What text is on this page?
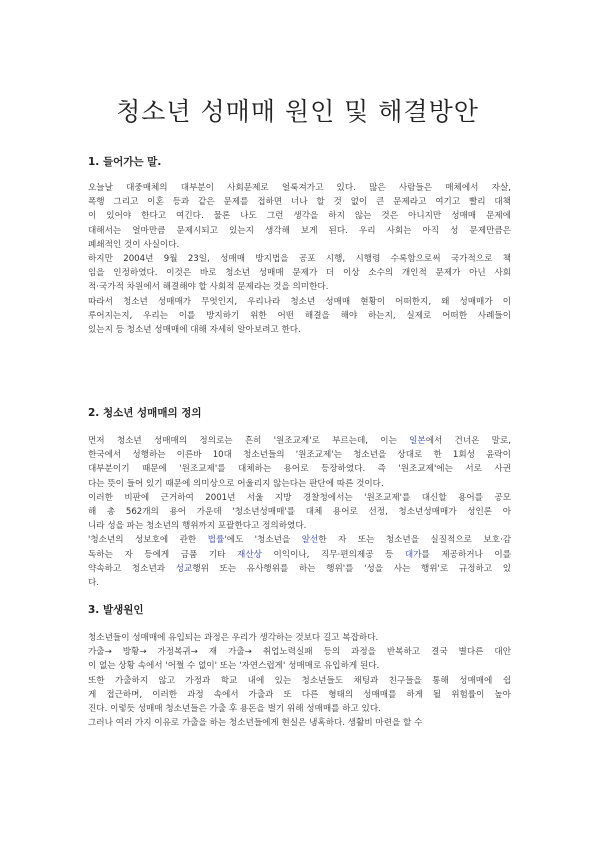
청소년 성매매 원인 및 해결방안
1. 들어가는 말.
오늘날 대중매체의 대부분이 사회문제로 얼룩져가고 있다. 많은 사람들은 매체에서 자살,
폭행 그리고 이혼 등과 같은 문제를 접하면 너나 할 것 없이 큰 문제라고 여기고 빨리 대책
이 있어야 한다고 여긴다. 물론 나도 그런 생각을 하지 않는 것은 아니지만 성매매 문제에
대해서는 얼마만큼 문제시되고 있는지 생각해 보게 된다. 우리 사회는 아직 성 문제만큼은
폐쇄적인 것이 사실이다.
하지만 2004년 9월 23일, 성매매 방지법을 공포 시행, 시행령 수록함으로써 국가적으로 책
임을 인정하였다. 이것은 바로 청소년 성매매 문제가 더 이상 소수의 개인적 문제가 아닌 사회
적·국가적 차원에서 해결해야 할 사회적 문제라는 것을 의미한다.
따라서 청소년 성매매가 무엇인지, 우리나라 청소년 성매매 현황이 어떠한지, 왜 성매매가 이
루어지는지, 우리는 이를 방지하기 위한 어떤 해결을 해야 하는지, 실제로 어떠한 사례들이
있는지 등 청소년 성매매에 대해 자세히 알아보려고 한다.
2. 청소년 성매매의 정의
먼저 청소년 성매매의 정의로는 흔히 '원조교제'로 부르는데, 이는 일본에서 건너온 말로,
한국에서 성행하는 이른바 10대 청소년들의 '원조교제'는 청소년을 상대로 한 1회성 윤락이
대부분이기 때문에 '원조교제'를 대체하는 용어로 등장하였다. 즉 '원조교제'에는 서로 사귄
다는 뜻이 들어 있기 때문에 의미상으로 어울리지 않는다는 판단에 따른 것이다.
이러한 비판에 근거하여 2001년 서울 지방 경찰청에서는 '원조교제'를 대신할 용어를 공모
해 총 562개의 용어 가운데 '청소년성매매'를 대체 용어로 선정, 청소년성매매가 성인론 아
니라 성을 파는 청소년의 행위까지 포괄한다고 정의하였다.
'청소년의 성보호에 관한 법률'에도 '청소년을 알선한 자 또는 청소년을 실질적으로 보호·감
독하는 자 등에게 금품 기타 재산상 이익이나, 직무·편의제공 등 대가를 제공하거나 이를
약속하고 청소년과 성교행위 또는 유사행위를 하는 행위'를 '성을 사는 행위'로 규정하고 있
다.
3. 발생원인
청소년들이 성매매에 유입되는 과정은 우리가 생각하는 것보다 길고 복잡하다.
가출→ 방황→ 가정복귀→ 재 가출→ 취업노력실패 등의 과정을 반복하고 결국 별다른 대안
이 없는 상황 속에서 '어쩔 수 없이' 또는 '자연스럽게' 성매매로 유입하게 된다.
또한 가출하지 않고 가정과 학교 내에 있는 청소년들도 채팅과 친구들을 통해 성매매에 쉽
게 접근하며, 이러한 과정 속에서 가출과 또 다른 형태의 성매매를 하게 될 위험률이 높아
진다. 이렇듯 성매매 청소년들은 가출 후 용돈을 벌기 위해 성매매를 하고 있다.
그러나 여러 가지 이유로 가출을 하는 청소년들에게 현실은 냉혹하다. 생활비 마련을 할 수
